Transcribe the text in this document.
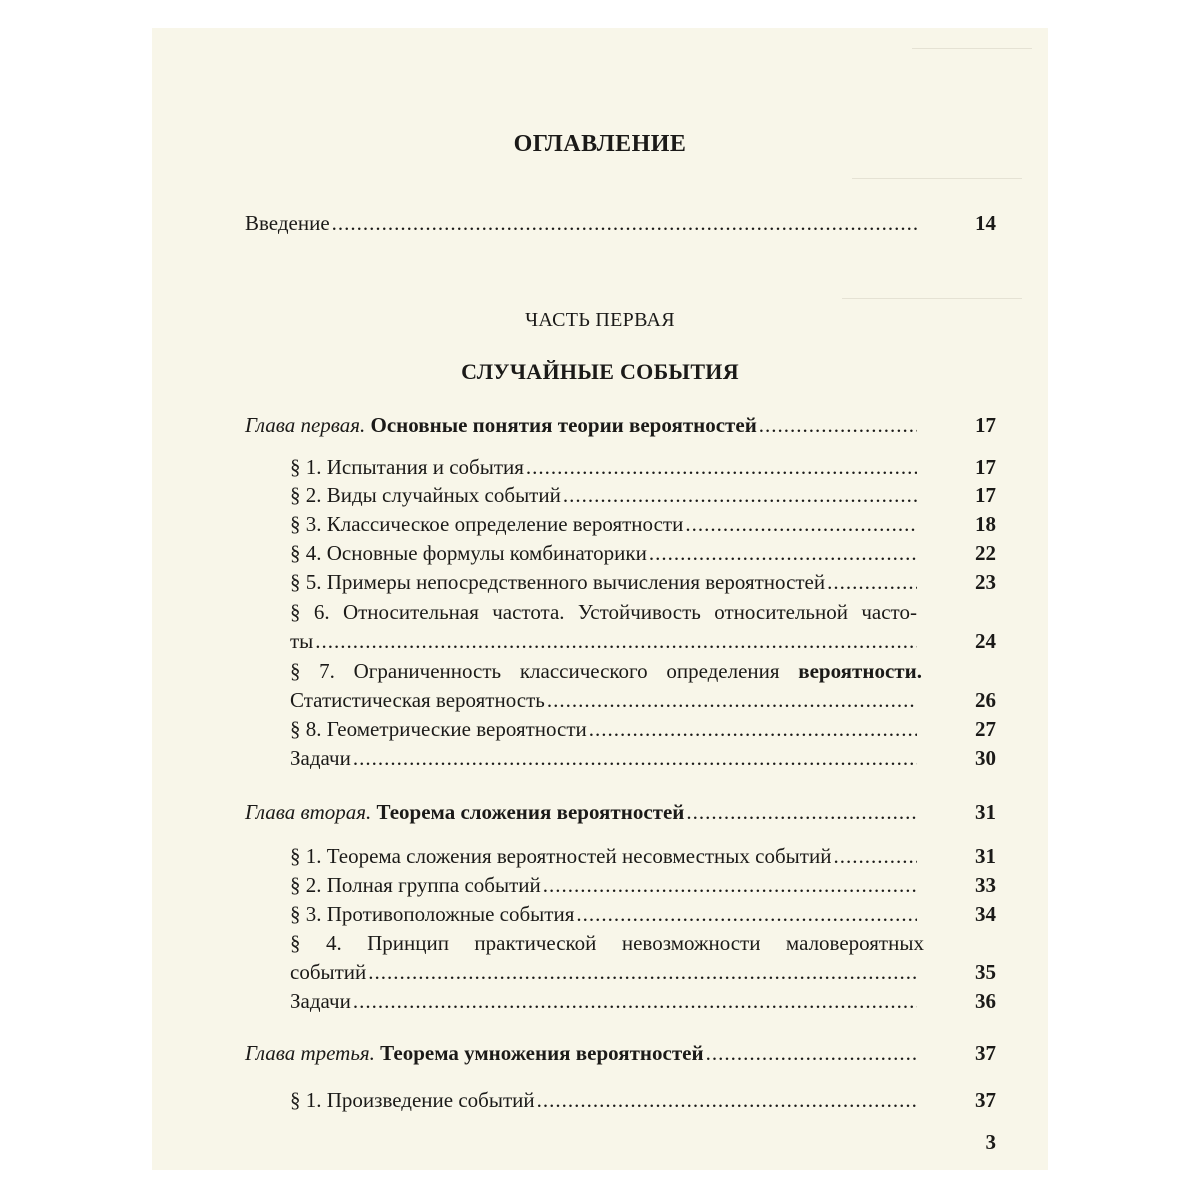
ОГЛАВЛЕНИЕ
Введение .....	14
ЧАСТЬ ПЕРВАЯ
СЛУЧАЙНЫЕ СОБЫТИЯ
Глава первая.
Основные понятия теории вероятностей .....	17
§ 1. Испытания и события .....	17
§ 2. Виды случайных событий .....	17
§ 3. Классическое определение вероятности .....	18
§ 4. Основные формулы комбинаторики .....	22
§ 5. Примеры непосредственного вычисления вероятностей .....	23
§ 6. Относительная частота. Устойчивость относительной часто-
ты .....	24
§ 7. Ограниченность классического определения вероятности.
Статистическая вероятность .....	26
§ 8. Геометрические вероятности .....	27
Задачи .....	30
Глава вторая.
Теорема сложения вероятностей .....	31
§ 1. Теорема сложения вероятностей несовместных событий .....	31
§ 2. Полная группа событий .....	33
§ 3. Противоположные события .....	34
§ 4. Принцип практической невозможности маловероятных
событий .....	35
Задачи .....	36
Глава третья.
Теорема умножения вероятностей .....	37
§ 1. Произведение событий .....	37
3
